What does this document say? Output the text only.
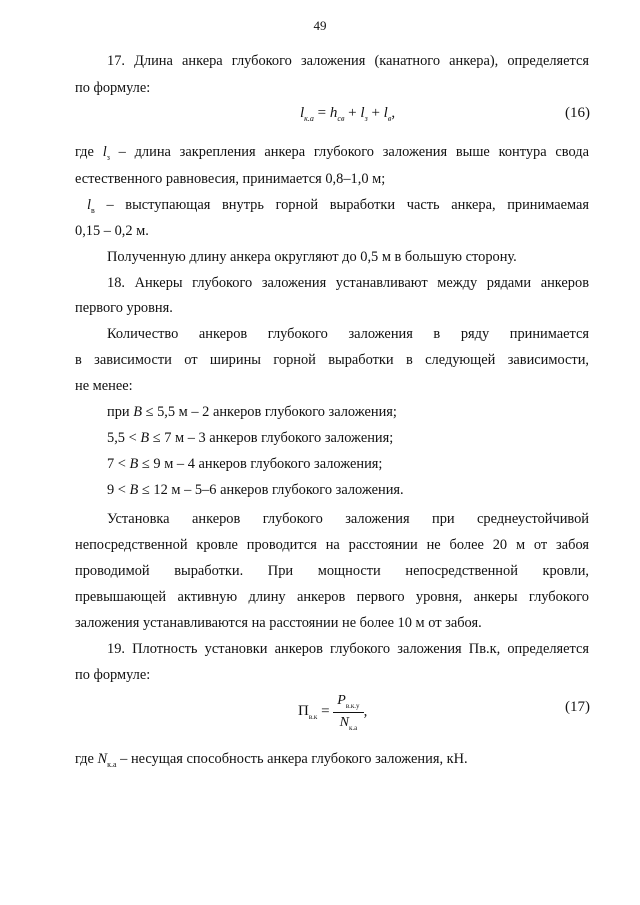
49
17. Длина анкера глубокого заложения (канатного анкера), определяется
по формуле:
$l_{к.а} = h_{св} + l_з + l_в$,	(16)
где $l_з$ – длина закрепления анкера глубокого заложения выше контура свода
естественного равновесия, принимается 0,8–1,0 м;
$l_в$ – выступающая внутрь горной выработки часть анкера, принимаемая
0,15 – 0,2 м.
Полученную длину анкера округляют до 0,5 м в большую сторону.
18. Анкеры глубокого заложения устанавливают между рядами анкеров
первого уровня.
Количество анкеров глубокого заложения в ряду принимается
в зависимости от ширины горной выработки в следующей зависимости,
не менее:
при B ≤ 5,5 м – 2 анкеров глубокого заложения;
5,5 < B ≤ 7 м – 3 анкеров глубокого заложения;
7 < B ≤ 9 м – 4 анкеров глубокого заложения;
9 < B ≤ 12 м – 5–6 анкеров глубокого заложения.
Установка анкеров глубокого заложения при среднеустойчивой
непосредственной кровле проводится на расстоянии не более 20 м от забоя
проводимой выработки. При мощности непосредственной кровли,
превышающей активную длину анкеров первого уровня, анкеры глубокого
заложения устанавливаются на расстоянии не более 10 м от забоя.
19. Плотность установки анкеров глубокого заложения Пв.к, определяется
по формуле:
$П_{в.к} = \frac{P_{в.к.у}}{N_{к.а}}$ ,	(17)
где $N_{к.а}$ – несущая способность анкера глубокого заложения, кН.
